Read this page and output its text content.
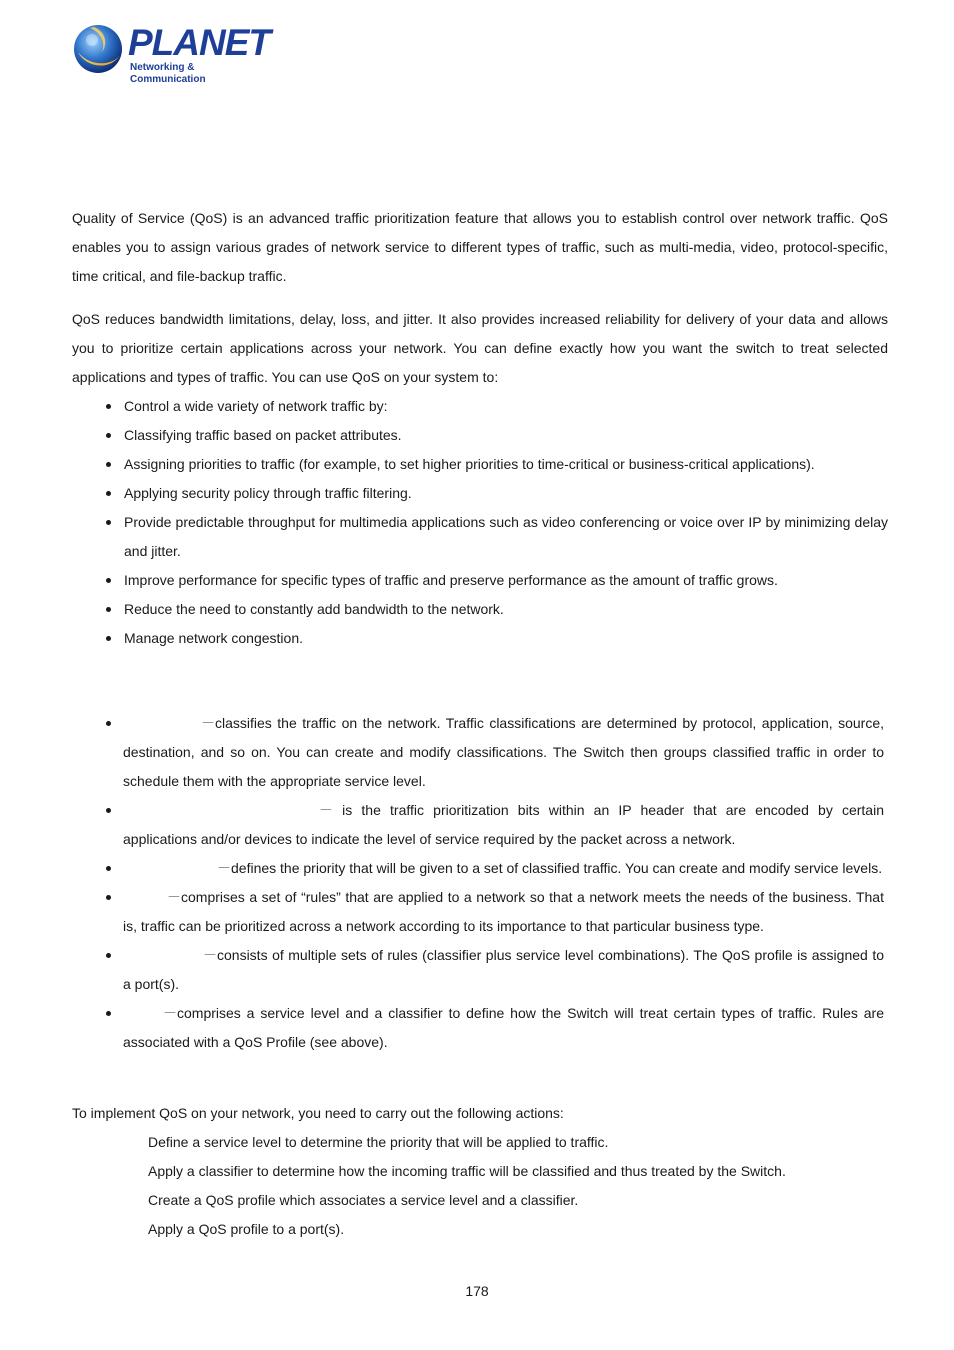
PLANET
Networking & Communication

Quality of Service (QoS) is an advanced traffic prioritization feature that allows you to establish control over network traffic. QoS enables you to assign various grades of network service to different types of traffic, such as multi-media, video, protocol-specific, time critical, and file-backup traffic.

QoS reduces bandwidth limitations, delay, loss, and jitter. It also provides increased reliability for delivery of your data and allows you to prioritize certain applications across your network. You can define exactly how you want the switch to treat selected applications and types of traffic. You can use QoS on your system to:

Control a wide variety of network traffic by:
Classifying traffic based on packet attributes.
Assigning priorities to traffic (for example, to set higher priorities to time-critical or business-critical applications).
Applying security policy through traffic filtering.
Provide predictable throughput for multimedia applications such as video conferencing or voice over IP by minimizing delay and jitter.
Improve performance for specific types of traffic and preserve performance as the amount of traffic grows.
Reduce the need to constantly add bandwidth to the network.
Manage network congestion.
－classifies the traffic on the network. Traffic classifications are determined by protocol, application, source, destination, and so on. You can create and modify classifications. The Switch then groups classified traffic in order to schedule them with the appropriate service level.
－ is the traffic prioritization bits within an IP header that are encoded by certain applications and/or devices to indicate the level of service required by the packet across a network.
－defines the priority that will be given to a set of classified traffic. You can create and modify service levels.
－comprises a set of “rules” that are applied to a network so that a network meets the needs of the business. That is, traffic can be prioritized across a network according to its importance to that particular business type.
－consists of multiple sets of rules (classifier plus service level combinations). The QoS profile is assigned to a port(s).
－comprises a service level and a classifier to define how the Switch will treat certain types of traffic. Rules are associated with a QoS Profile (see above).

To implement QoS on your network, you need to carry out the following actions:

Define a service level to determine the priority that will be applied to traffic.
Apply a classifier to determine how the incoming traffic will be classified and thus treated by the Switch.
Create a QoS profile which associates a service level and a classifier.
Apply a QoS profile to a port(s).
178
